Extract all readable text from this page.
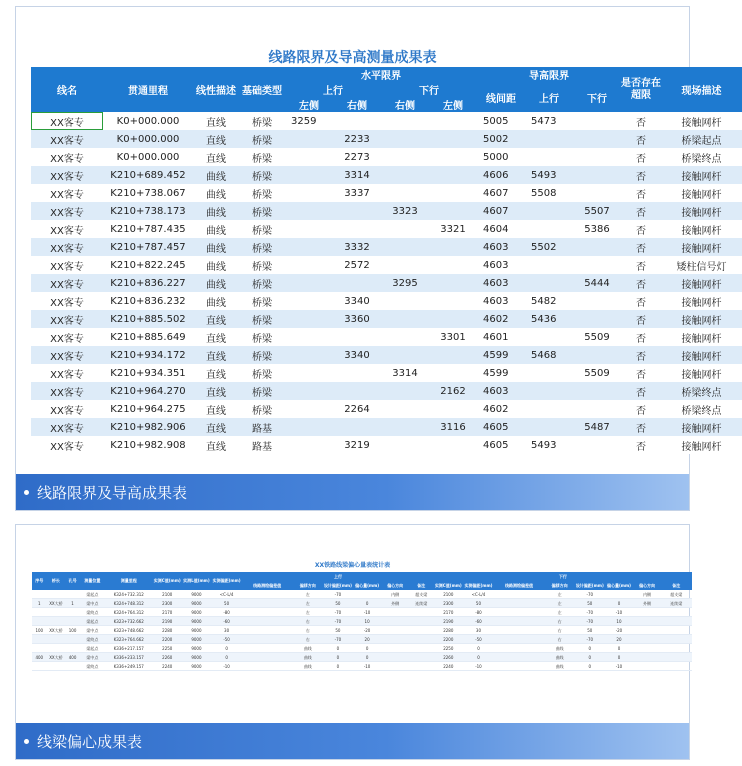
线路限界及导高测量成果表
线名	贯通里程	线性描述	基础类型	水平限界				导高限界			是否存在超限	现场描述
				上行		下行		线间距	上行	下行		
				左侧	右侧	右侧	左侧					
XX客专	K0+000.000	直线	桥梁	3259				5005	5473		否	接触网杆
XX客专	K0+000.000	直线	桥梁		2233			5002			否	桥梁起点
XX客专	K0+000.000	直线	桥梁		2273			5000			否	桥梁终点
XX客专	K210+689.452	曲线	桥梁		3314			4606	5493		否	接触网杆
XX客专	K210+738.067	曲线	桥梁		3337			4607	5508		否	接触网杆
XX客专	K210+738.173	曲线	桥梁			3323		4607		5507	否	接触网杆
XX客专	K210+787.435	曲线	桥梁				3321	4604		5386	否	接触网杆
XX客专	K210+787.457	曲线	桥梁		3332			4603	5502		否	接触网杆
XX客专	K210+822.245	曲线	桥梁		2572			4603			否	矮柱信号灯
XX客专	K210+836.227	曲线	桥梁			3295		4603		5444	否	接触网杆
XX客专	K210+836.232	曲线	桥梁		3340			4603	5482		否	接触网杆
XX客专	K210+885.502	直线	桥梁		3360			4602	5436		否	接触网杆
XX客专	K210+885.649	直线	桥梁				3301	4601		5509	否	接触网杆
XX客专	K210+934.172	直线	桥梁		3340			4599	5468		否	接触网杆
XX客专	K210+934.351	直线	桥梁			3314		4599		5509	否	接触网杆
XX客专	K210+964.270	直线	桥梁				2162	4603			否	桥梁终点
XX客专	K210+964.275	直线	桥梁		2264			4602			否	桥梁终点
XX客专	K210+982.906	直线	路基				3116	4605		5487	否	接触网杆
XX客专	K210+982.908	直线	路基		3219			4605	5493		否	接触网杆
线路限界及导高成果表
XX铁路线梁偏心量表统计表
序号	桥长	孔号	测量位置	测量里程	实测C值(mm)	实测L值(mm)	实测偏距(mm)	上行						下行							
								线路测绘偏差值	偏移方向	设计偏距(mm)	偏心量(mm)	偏心方向	备注	实测C值(mm)	实测偏距(mm)	线路测绘偏差值	偏移方向	设计偏距(mm)	偏心量(mm)	偏心方向	备注
			梁起点	K324+732.312	2100	9000	<C-L/4		左	-70		内侧	超支梁	2100	<C-L/4		左	-70		内侧	超支梁
1	XX大桥	1	梁中点	K324+748.312	2300	9000	50		左	50	0	外侧	连续梁	2300	50		左	50	0	外侧	连续梁
			梁终点	K324+764.312	2170	9000	-80		左	-70	-10			2170	-80		左	-70	-10		
			梁起点	K323+732.662	2190	9000	-60		右	-70	10			2190	-60		右	-70	10		
100	XX大桥	100	梁中点	K323+748.662	2280	9000	30		右	50	-20			2280	30		右	50	-20		
			梁终点	K323+764.662	2200	9000	-50		右	-70	20			2200	-50		右	-70	20		
			梁起点	K336+217.157	2250	9000	0		曲线	0	0			2250	0		曲线	0	0		
400	XX大桥	400	梁中点	K336+233.157	2260	9000	0		曲线	0	0			2260	0		曲线	0	0		
			梁终点	K336+249.157	2240	9000	-10		曲线	0	-10			2240	-10		曲线	0	-10		
线梁偏心成果表
